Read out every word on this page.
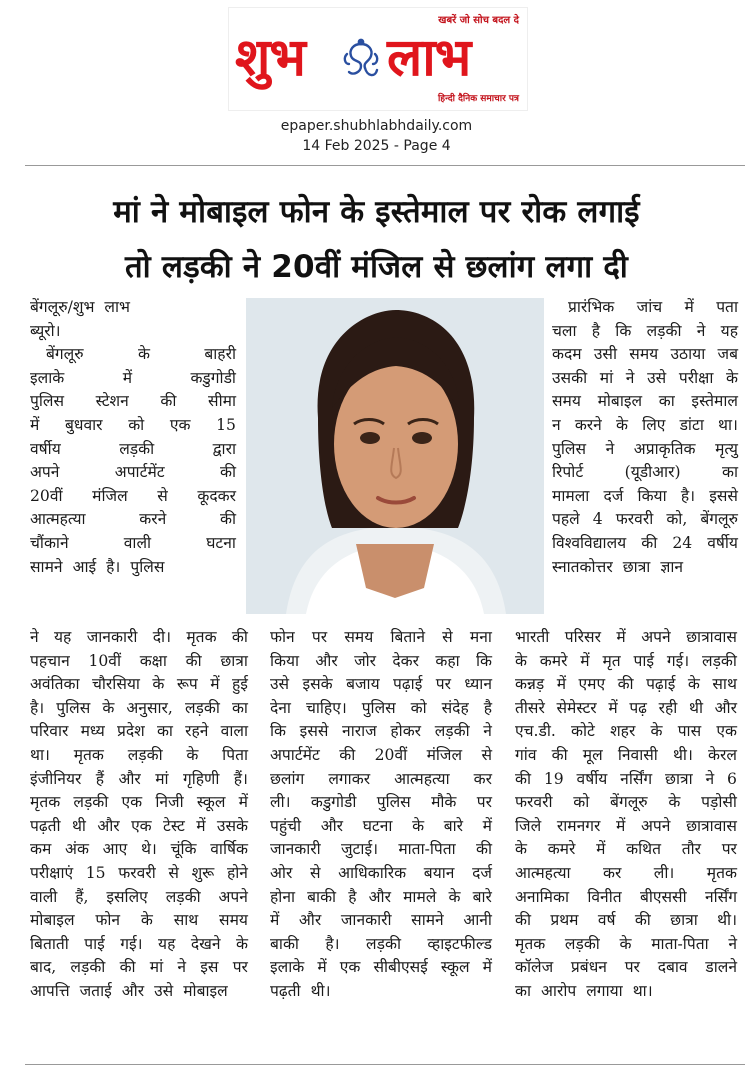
खबरें जो सोच बदल दे
शुभ लाभ
हिन्दी दैनिक समाचार पत्र
epaper.shubhlabhdaily.com
14 Feb 2025 - Page 4
मां ने मोबाइल फोन के इस्तेमाल पर रोक लगाई
तो लड़की ने 20वीं मंजिल से छलांग लगा दी
बेंगलूरु/शुभ लाभ
ब्यूरो।
बेंगलूरु	के	बाहरी
इलाके	में	कडुगोडी
पुलिस स्टेशन की सीमा
में बुधवार को एक 15
वर्षीय	लड़की	द्वारा
अपने	अपार्टमेंट	की
20वीं मंजिल से कूदकर
आत्महत्या	करने	की
चौंकाने	वाली	घटना
सामने आई है। पुलिस
ने यह जानकारी दी। मृतक की
पहचान 10वीं कक्षा की छात्रा
अवंतिका चौरसिया के रूप में हुई
है। पुलिस के अनुसार, लड़की का
परिवार मध्य प्रदेश का रहने वाला
था। मृतक लड़की के पिता
इंजीनियर हैं और मां गृहिणी हैं।
मृतक लड़की एक निजी स्कूल में
पढ़ती थी और एक टेस्ट में उसके
कम अंक आए थे। चूंकि वार्षिक
परीक्षाएं 15 फरवरी से शुरू होने
वाली हैं, इसलिए लड़की अपने
मोबाइल फोन के साथ समय
बिताती पाई गई। यह देखने के
बाद, लड़की की मां ने इस पर
आपत्ति जताई और उसे मोबाइल
फोन पर समय बिताने से मना
किया और जोर देकर कहा कि
उसे इसके बजाय पढ़ाई पर ध्यान
देना चाहिए। पुलिस को संदेह है
कि इससे नाराज होकर लड़की ने
अपार्टमेंट की 20वीं मंजिल से
छलांग लगाकर आत्महत्या कर
ली। कडुगोडी पुलिस मौके पर
पहुंची और घटना के बारे में
जानकारी जुटाई। माता-पिता की
ओर से आधिकारिक बयान दर्ज
होना बाकी है और मामले के बारे
में और जानकारी सामने आनी
बाकी है। लड़की व्हाइटफील्ड
इलाके में एक सीबीएसई स्कूल में
पढ़ती थी।
प्रारंभिक जांच में पता
चला है कि लड़की ने यह
कदम उसी समय उठाया जब
उसकी मां ने उसे परीक्षा के
समय मोबाइल का इस्तेमाल
न करने के लिए डांटा था।
पुलिस ने अप्राकृतिक मृत्यु
रिपोर्ट	(यूडीआर)	का
मामला दर्ज किया है। इससे
पहले 4 फरवरी को, बेंगलूरु
विश्वविद्यालय की 24 वर्षीय
स्नातकोत्तर छात्रा ज्ञान
भारती परिसर में अपने छात्रावास
के कमरे में मृत पाई गई। लड़की
कन्नड़ में एमए की पढ़ाई के साथ
तीसरे सेमेस्टर में पढ़ रही थी और
एच.डी. कोटे शहर के पास एक
गांव की मूल निवासी थी। केरल
की 19 वर्षीय नर्सिंग छात्रा ने 6
फरवरी को बेंगलूरु के पड़ोसी
जिले रामनगर में अपने छात्रावास
के कमरे में कथित तौर पर
आत्महत्या कर ली। मृतक
अनामिका विनीत बीएससी नर्सिंग
की प्रथम वर्ष की छात्रा थी।
मृतक लड़की के माता-पिता ने
कॉलेज प्रबंधन पर दबाव डालने
का आरोप लगाया था।
